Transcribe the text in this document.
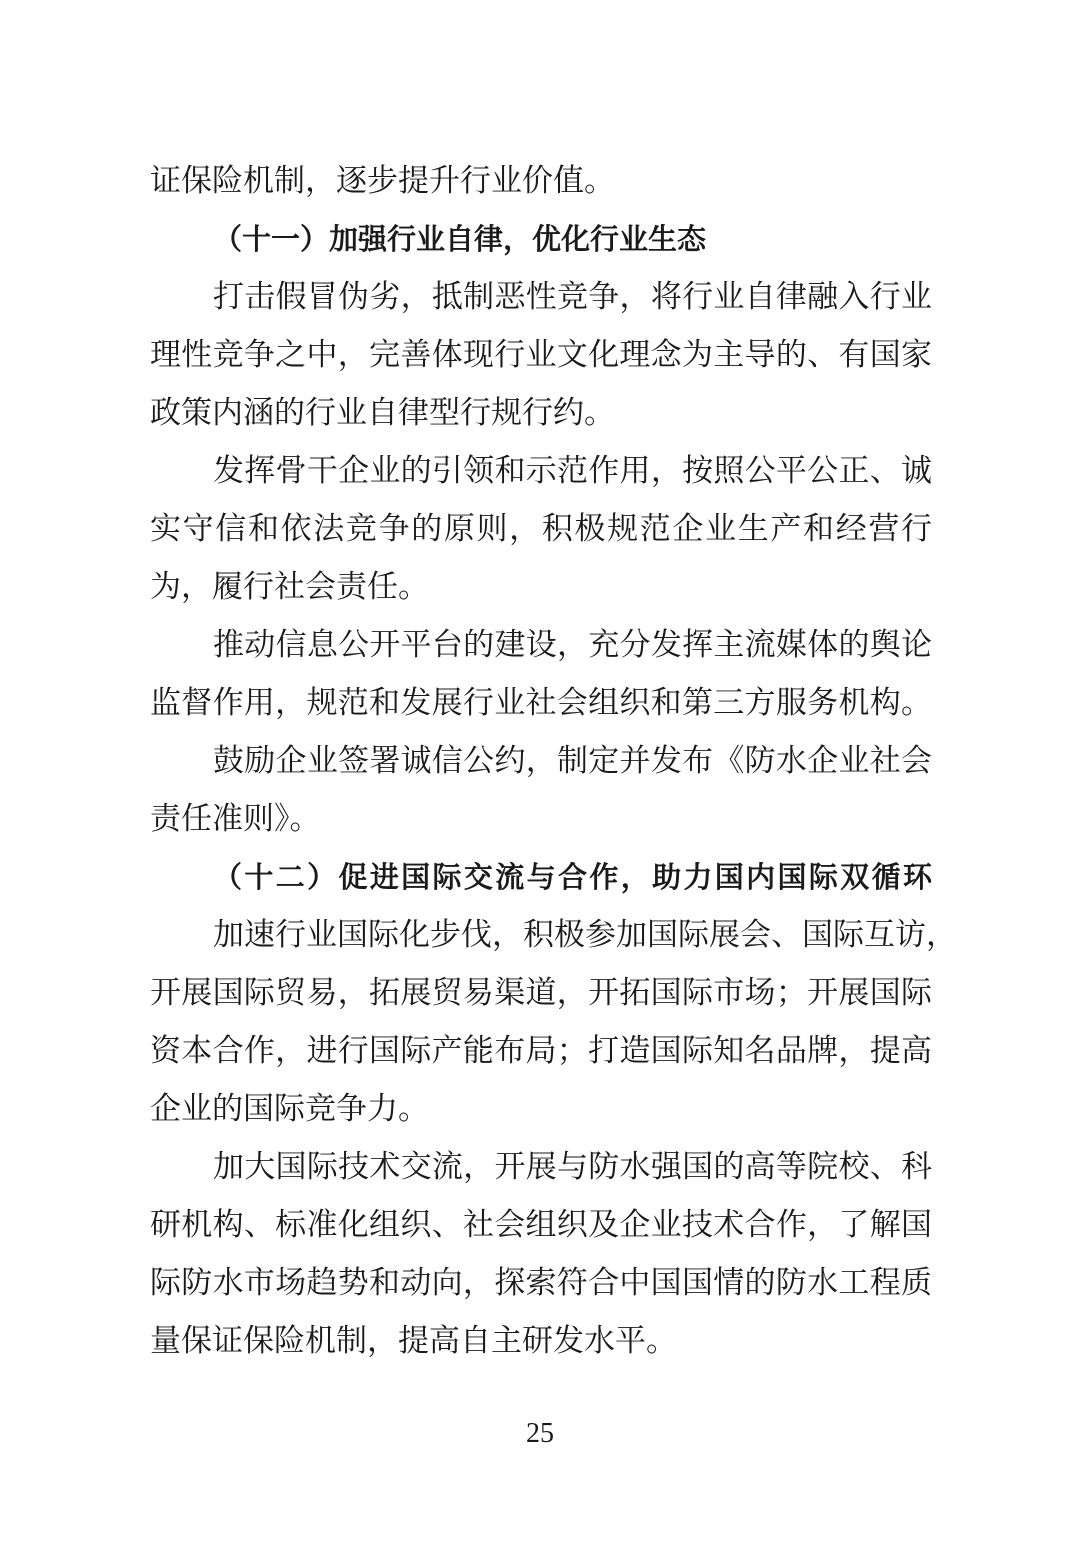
证保险机制，逐步提升行业价值。
（十一）加强行业自律，优化行业生态
打击假冒伪劣，抵制恶性竞争，将行业自律融入行业
理性竞争之中，完善体现行业文化理念为主导的、有国家
政策内涵的行业自律型行规行约。
发挥骨干企业的引领和示范作用，按照公平公正、诚
实守信和依法竞争的原则，积极规范企业生产和经营行
为，履行社会责任。
推动信息公开平台的建设，充分发挥主流媒体的舆论
监督作用，规范和发展行业社会组织和第三方服务机构。
鼓励企业签署诚信公约，制定并发布《防水企业社会
责任准则》。
（十二）促进国际交流与合作，助力国内国际双循环
加速行业国际化步伐，积极参加国际展会、国际互访，
开展国际贸易，拓展贸易渠道，开拓国际市场；开展国际
资本合作，进行国际产能布局；打造国际知名品牌，提高
企业的国际竞争力。
加大国际技术交流，开展与防水强国的高等院校、科
研机构、标准化组织、社会组织及企业技术合作，了解国
际防水市场趋势和动向，探索符合中国国情的防水工程质
量保证保险机制，提高自主研发水平。
25
